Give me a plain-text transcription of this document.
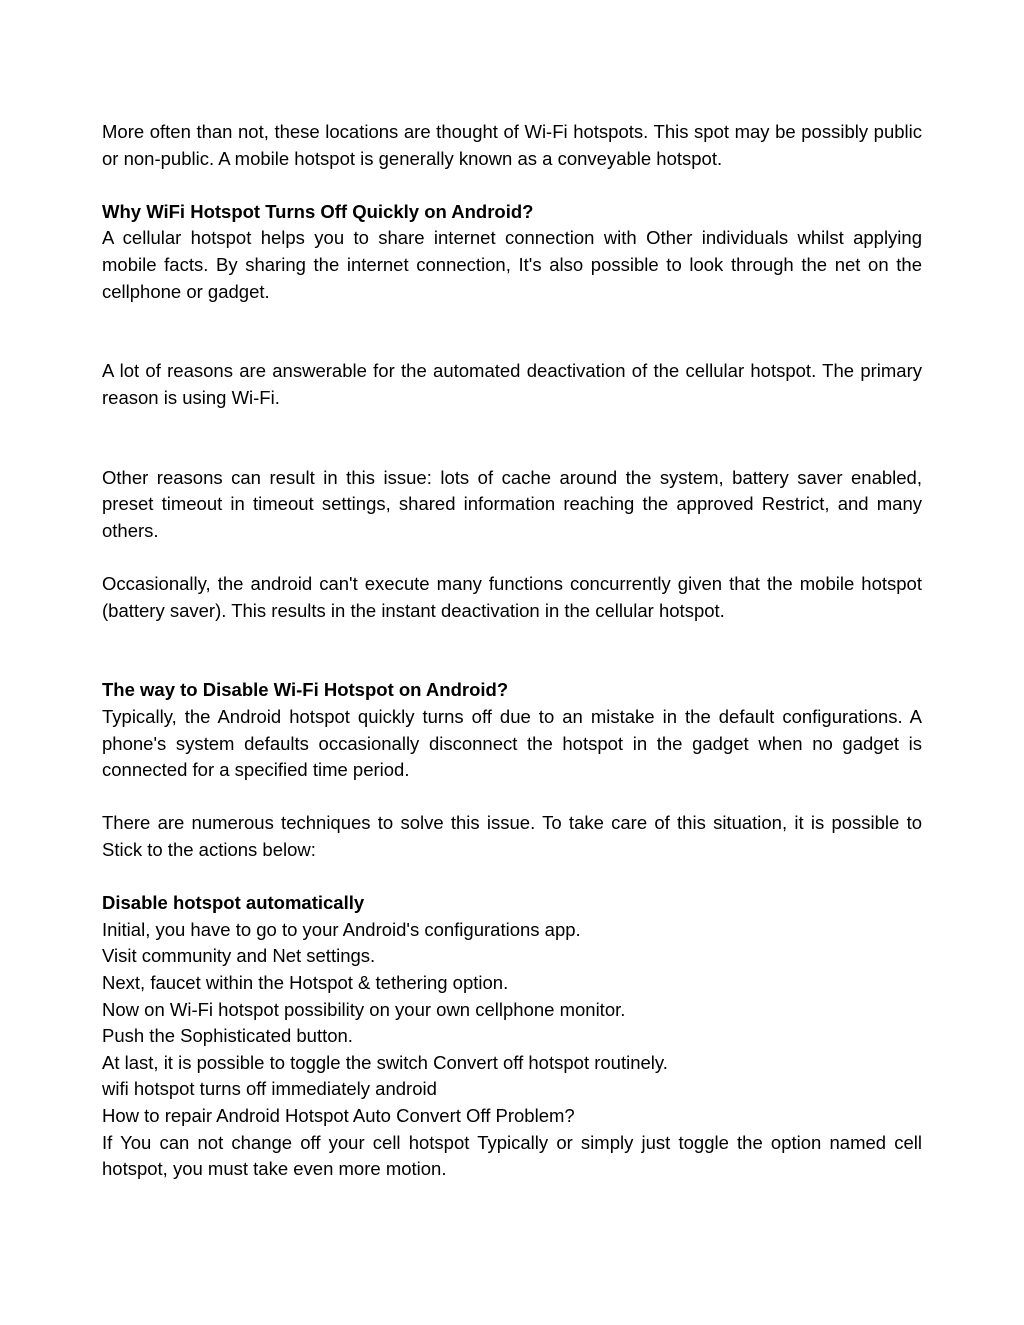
More often than not, these locations are thought of Wi-Fi hotspots. This spot may be possibly public or non-public. A mobile hotspot is generally known as a conveyable hotspot.

Why WiFi Hotspot Turns Off Quickly on Android?

A cellular hotspot helps you to share internet connection with Other individuals whilst applying mobile facts. By sharing the internet connection, It's also possible to look through the net on the cellphone or gadget.

A lot of reasons are answerable for the automated deactivation of the cellular hotspot. The primary reason is using Wi-Fi.

Other reasons can result in this issue: lots of cache around the system, battery saver enabled, preset timeout in timeout settings, shared information reaching the approved Restrict, and many others.

Occasionally, the android can't execute many functions concurrently given that the mobile hotspot (battery saver). This results in the instant deactivation in the cellular hotspot.

The way to Disable Wi-Fi Hotspot on Android?

Typically, the Android hotspot quickly turns off due to an mistake in the default configurations. A phone's system defaults occasionally disconnect the hotspot in the gadget when no gadget is connected for a specified time period.

There are numerous techniques to solve this issue. To take care of this situation, it is possible to Stick to the actions below:

Disable hotspot automatically

Initial, you have to go to your Android's configurations app.

Visit community and Net settings.

Next, faucet within the Hotspot & tethering option.

Now on Wi-Fi hotspot possibility on your own cellphone monitor.

Push the Sophisticated button.

At last, it is possible to toggle the switch Convert off hotspot routinely.

wifi hotspot turns off immediately android

How to repair Android Hotspot Auto Convert Off Problem?

If You can not change off your cell hotspot Typically or simply just toggle the option named cell hotspot, you must take even more motion.
